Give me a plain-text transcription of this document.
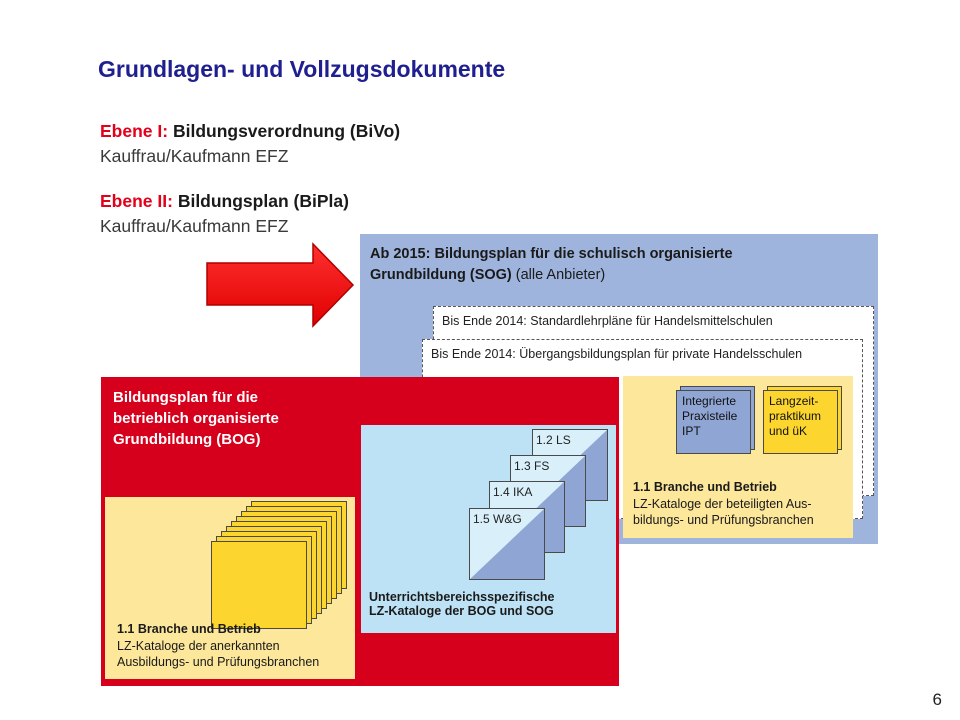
Grundlagen- und Vollzugsdokumente
Ebene I: Bildungsverordnung (BiVo)
Kauffrau/Kaufmann EFZ
Ebene II: Bildungsplan (BiPla)
Kauffrau/Kaufmann EFZ
Ab 2015: Bildungsplan für die schulisch organisierte
Grundbildung (SOG) (alle Anbieter)
Bis Ende 2014: Standardlehrpläne für Handelsmittelschulen
Bis Ende 2014: Übergangsbildungsplan für private Handelsschulen
Integrierte
Praxisteile
IPT
Langzeit-
praktikum
und üK
1.1 Branche und Betrieb
LZ-Kataloge der beteiligten Aus-
bildungs- und Prüfungsbranchen
Bildungsplan für die
betrieblich organisierte
Grundbildung (BOG)
1.1 Branche und Betrieb
LZ-Kataloge der anerkannten
Ausbildungs- und Prüfungsbranchen
1.2 LS
1.3 FS
1.4 IKA
1.5 W&G
Unterrichtsbereichsspezifische
LZ-Kataloge der BOG und SOG
6
